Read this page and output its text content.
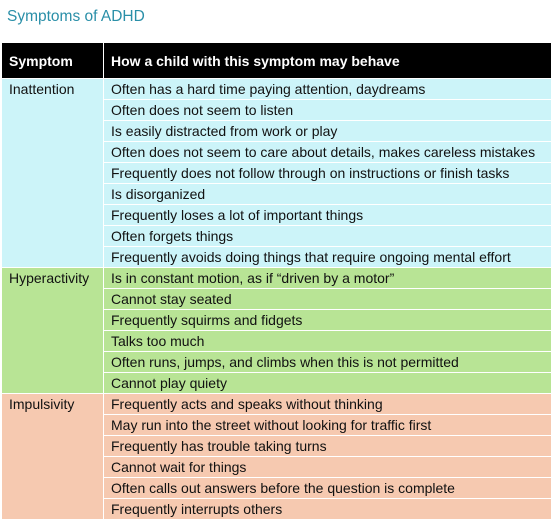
Symptoms of ADHD
Symptom	How a child with this symptom may behave
Inattention	Often has a hard time paying attention, daydreams
	Often does not seem to listen
	Is easily distracted from work or play
	Often does not seem to care about details, makes careless mistakes
	Frequently does not follow through on instructions or finish tasks
	Is disorganized
	Frequently loses a lot of important things
	Often forgets things
	Frequently avoids doing things that require ongoing mental effort
Hyperactivity	Is in constant motion, as if “driven by a motor”
	Cannot stay seated
	Frequently squirms and fidgets
	Talks too much
	Often runs, jumps, and climbs when this is not permitted
	Cannot play quiety
Impulsivity	Frequently acts and speaks without thinking
	May run into the street without looking for traffic first
	Frequently has trouble taking turns
	Cannot wait for things
	Often calls out answers before the question is complete
	Frequently interrupts others
